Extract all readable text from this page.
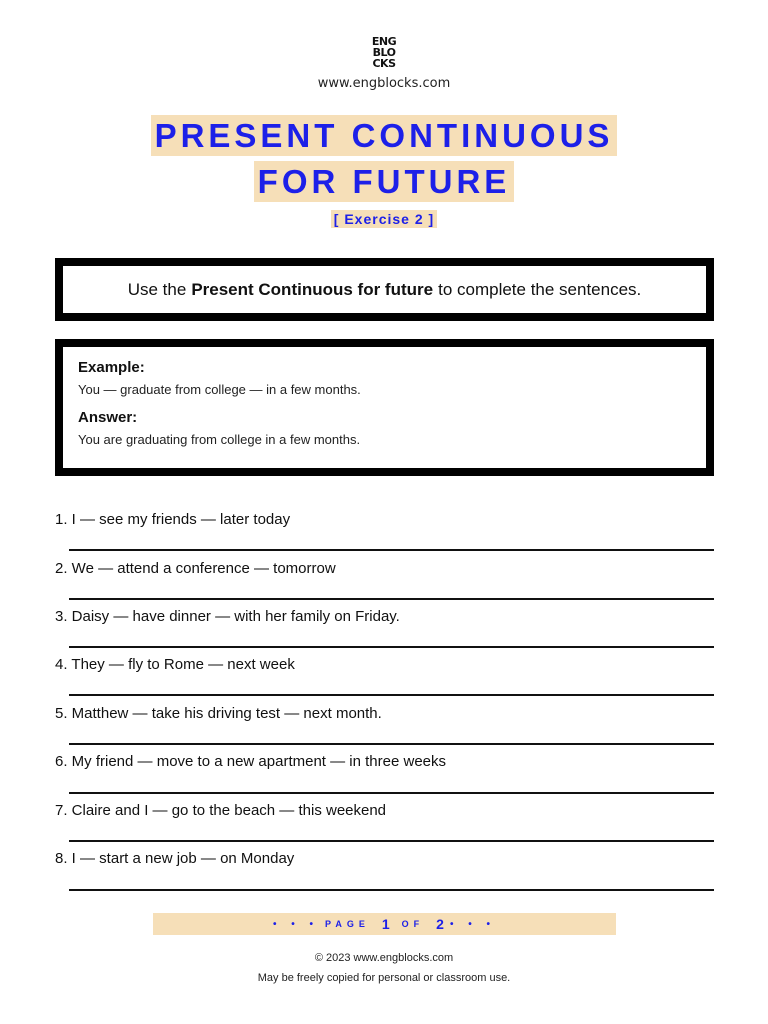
ENG
BLO
CKS
www.engblocks.com
PRESENT CONTINUOUS
FOR FUTURE
[ Exercise 2 ]
Use the Present Continuous for future to complete the sentences.

Example:

You — graduate from college — in a few months.

Answer:

You are graduating from college in a few months.

1. I — see my friends — later today
2. We — attend a conference — tomorrow
3. Daisy — have dinner — with her family on Friday.
4. They — fly to Rome — next week
5. Matthew — take his driving test — next month.
6. My friend — move to a new apartment — in three weeks
7. Claire and I — go to the beach — this weekend
8. I — start a new job — on Monday
• • • PAGE 1 OF 2 • • •
© 2023 www.engblocks.com
May be freely copied for personal or classroom use.
